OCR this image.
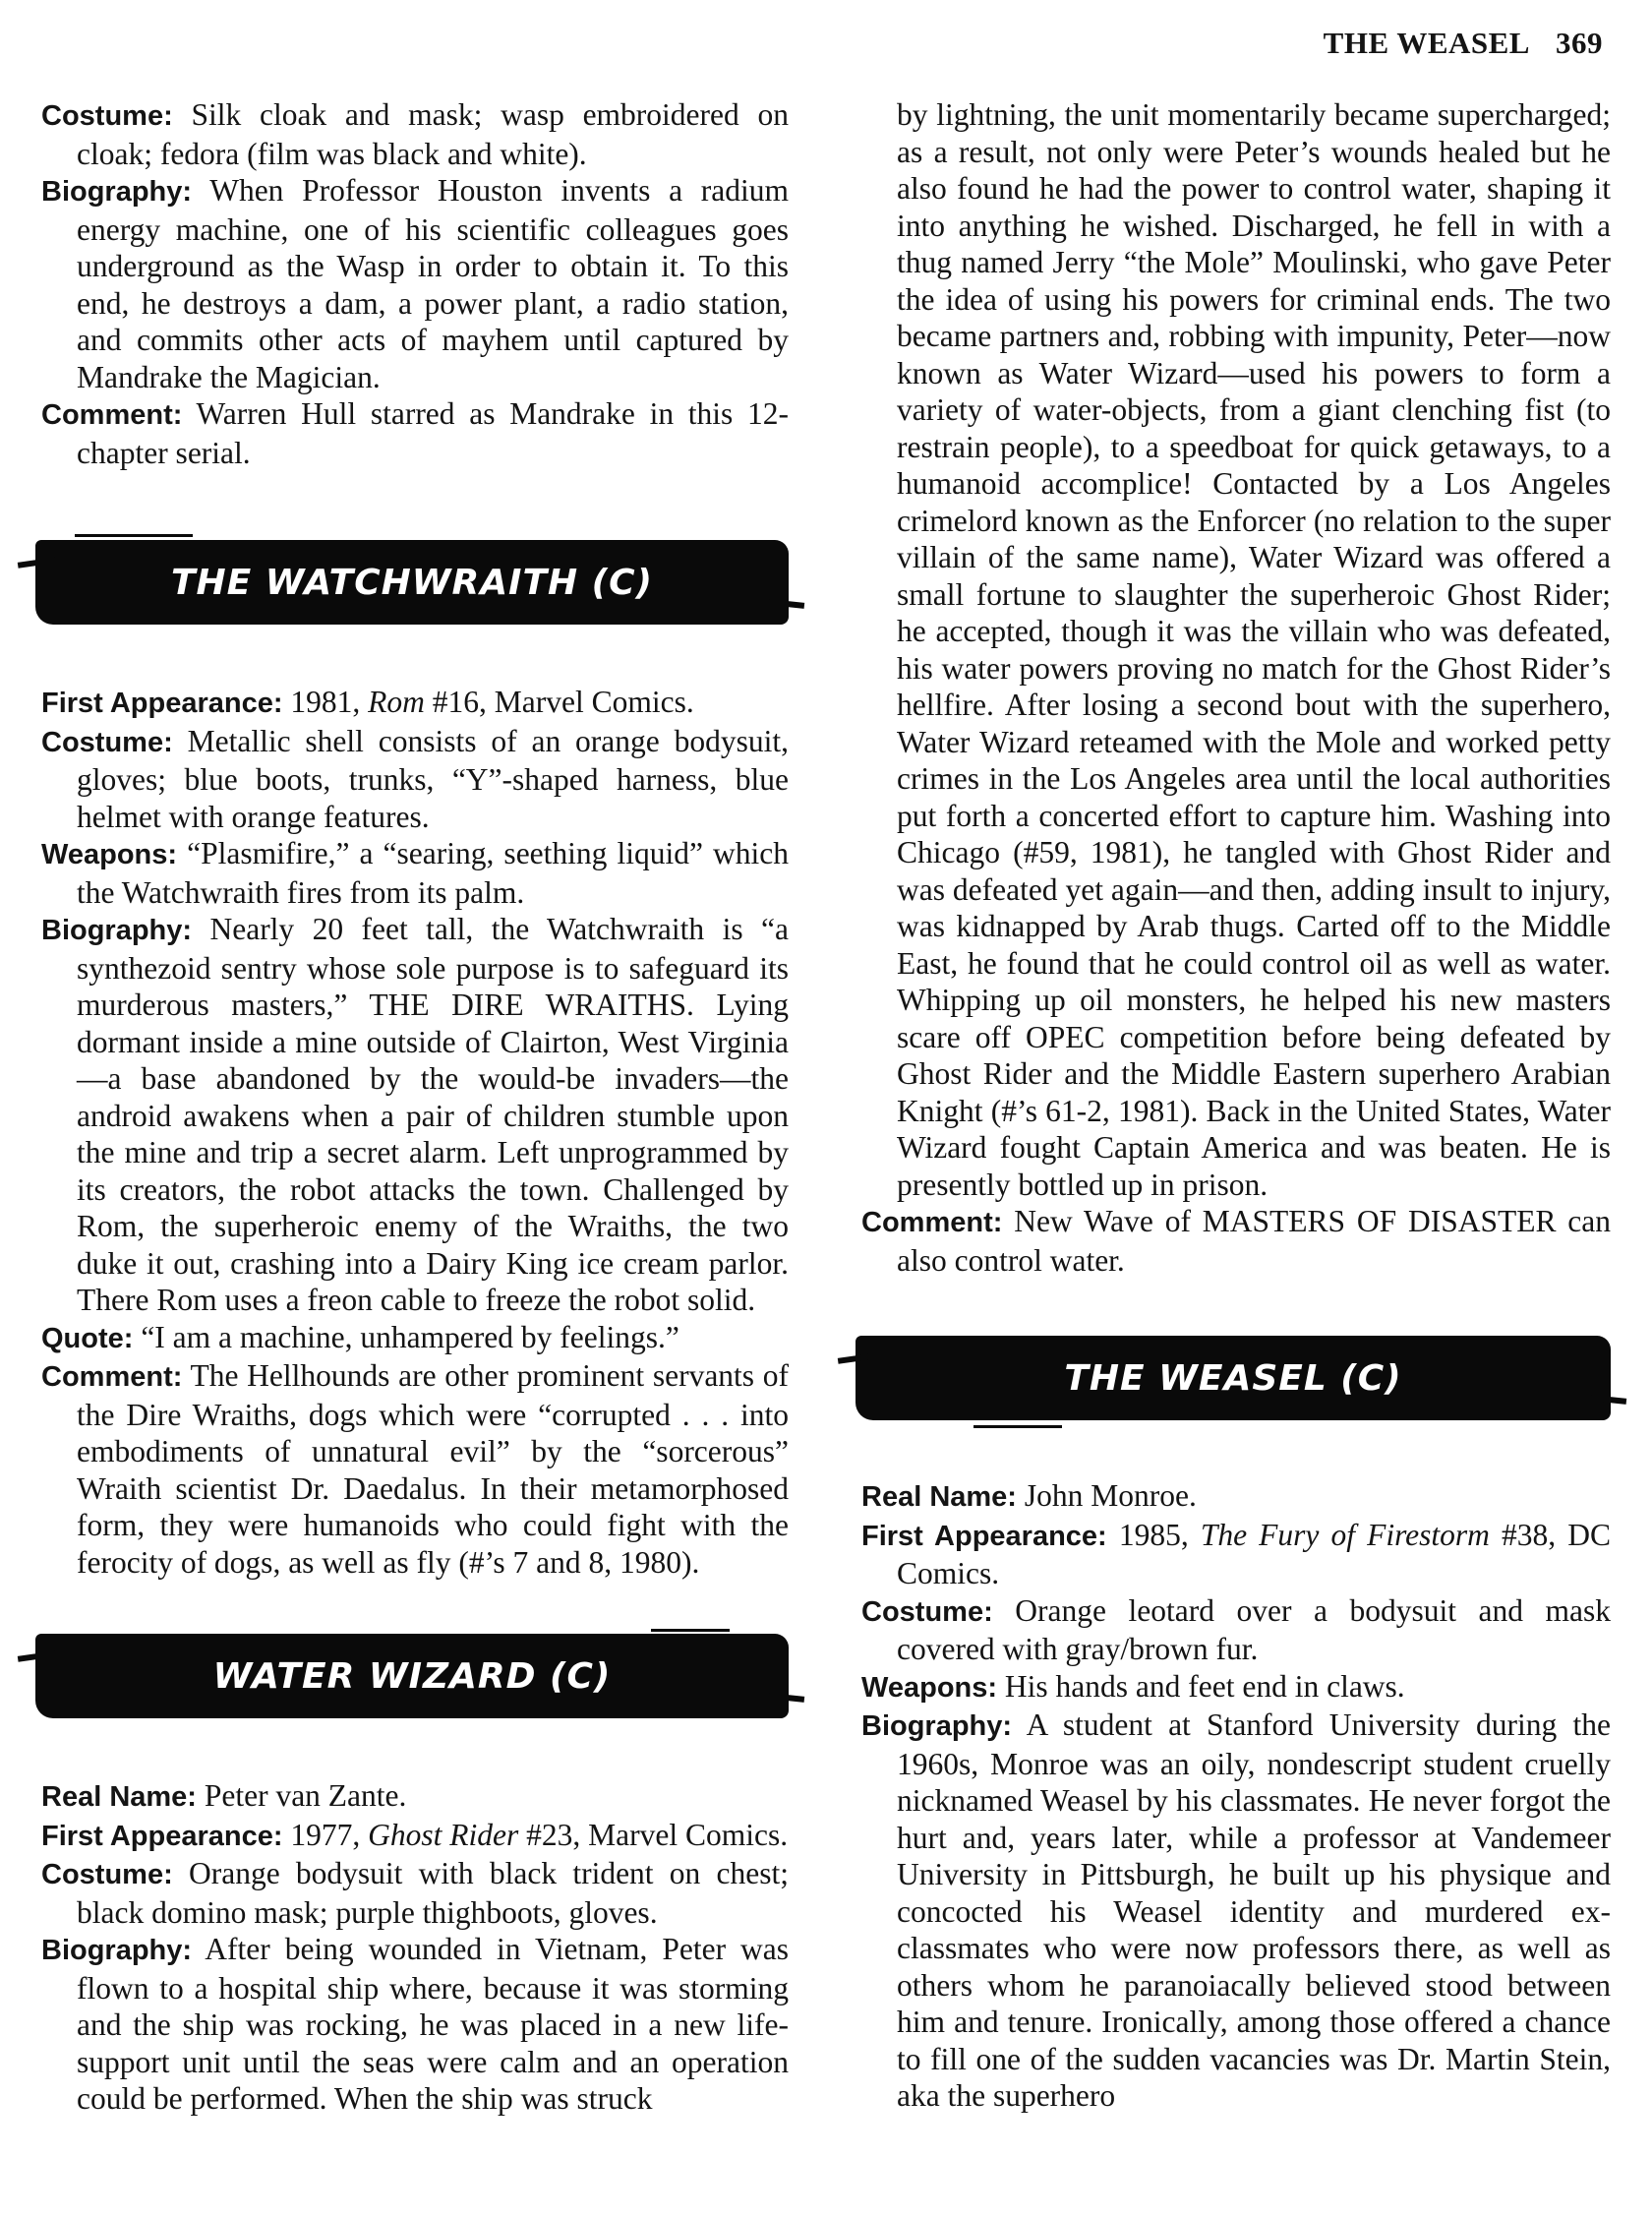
THE WEASEL 369

Costume: Silk cloak and mask; wasp embroidered on cloak; fedora (film was black and white).

Biography: When Professor Houston invents a radium energy machine, one of his scientific colleagues goes underground as the Wasp in order to obtain it. To this end, he destroys a dam, a power plant, a radio station, and commits other acts of mayhem until captured by Mandrake the Magician.

Comment: Warren Hull starred as Mandrake in this 12-chapter serial.

THE WATCHWRAITH (C)

First Appearance: 1981, Rom #16, Marvel Comics.

Costume: Metallic shell consists of an orange bodysuit, gloves; blue boots, trunks, “Y”-shaped harness, blue helmet with orange features.

Weapons: “Plasmifire,” a “searing, seething liquid” which the Watchwraith fires from its palm.

Biography: Nearly 20 feet tall, the Watchwraith is “a synthezoid sentry whose sole purpose is to safeguard its murderous masters,” THE DIRE WRAITHS. Lying dormant inside a mine outside of Clairton, West Virginia—a base abandoned by the would-be invaders—the android awakens when a pair of children stumble upon the mine and trip a secret alarm. Left unprogrammed by its creators, the robot attacks the town. Challenged by Rom, the superheroic enemy of the Wraiths, the two duke it out, crashing into a Dairy King ice cream parlor. There Rom uses a freon cable to freeze the robot solid.

Quote: “I am a machine, unhampered by feelings.”

Comment: The Hellhounds are other prominent servants of the Dire Wraiths, dogs which were “corrupted . . . into embodiments of unnatural evil” by the “sorcerous” Wraith scientist Dr. Daedalus. In their metamorphosed form, they were humanoids who could fight with the ferocity of dogs, as well as fly (#’s 7 and 8, 1980).

WATER WIZARD (C)

Real Name: Peter van Zante.

First Appearance: 1977, Ghost Rider #23, Marvel Comics.

Costume: Orange bodysuit with black trident on chest; black domino mask; purple thighboots, gloves.

Biography: After being wounded in Vietnam, Peter was flown to a hospital ship where, because it was storming and the ship was rocking, he was placed in a new life-support unit until the seas were calm and an operation could be performed. When the ship was struck

by lightning, the unit momentarily became supercharged; as a result, not only were Peter’s wounds healed but he also found he had the power to control water, shaping it into anything he wished. Discharged, he fell in with a thug named Jerry “the Mole” Moulinski, who gave Peter the idea of using his powers for criminal ends. The two became partners and, robbing with impunity, Peter—now known as Water Wizard—used his powers to form a variety of water-objects, from a giant clenching fist (to restrain people), to a speedboat for quick getaways, to a humanoid accomplice! Contacted by a Los Angeles crimelord known as the Enforcer (no relation to the super villain of the same name), Water Wizard was offered a small fortune to slaughter the superheroic Ghost Rider; he accepted, though it was the villain who was defeated, his water powers proving no match for the Ghost Rider’s hellfire. After losing a second bout with the superhero, Water Wizard reteamed with the Mole and worked petty crimes in the Los Angeles area until the local authorities put forth a concerted effort to capture him. Washing into Chicago (#59, 1981), he tangled with Ghost Rider and was defeated yet again—and then, adding insult to injury, was kidnapped by Arab thugs. Carted off to the Middle East, he found that he could control oil as well as water. Whipping up oil monsters, he helped his new masters scare off OPEC competition before being defeated by Ghost Rider and the Middle Eastern superhero Arabian Knight (#’s 61-2, 1981). Back in the United States, Water Wizard fought Captain America and was beaten. He is presently bottled up in prison.

Comment: New Wave of MASTERS OF DISASTER can also control water.

THE WEASEL (C)

Real Name: John Monroe.

First Appearance: 1985, The Fury of Firestorm #38, DC Comics.

Costume: Orange leotard over a bodysuit and mask covered with gray/brown fur.

Weapons: His hands and feet end in claws.

Biography: A student at Stanford University during the 1960s, Monroe was an oily, nondescript student cruelly nicknamed Weasel by his classmates. He never forgot the hurt and, years later, while a professor at Vandemeer University in Pittsburgh, he built up his physique and concocted his Weasel identity and murdered ex-classmates who were now professors there, as well as others whom he paranoiacally believed stood between him and tenure. Ironically, among those offered a chance to fill one of the sudden vacancies was Dr. Martin Stein, aka the superhero
